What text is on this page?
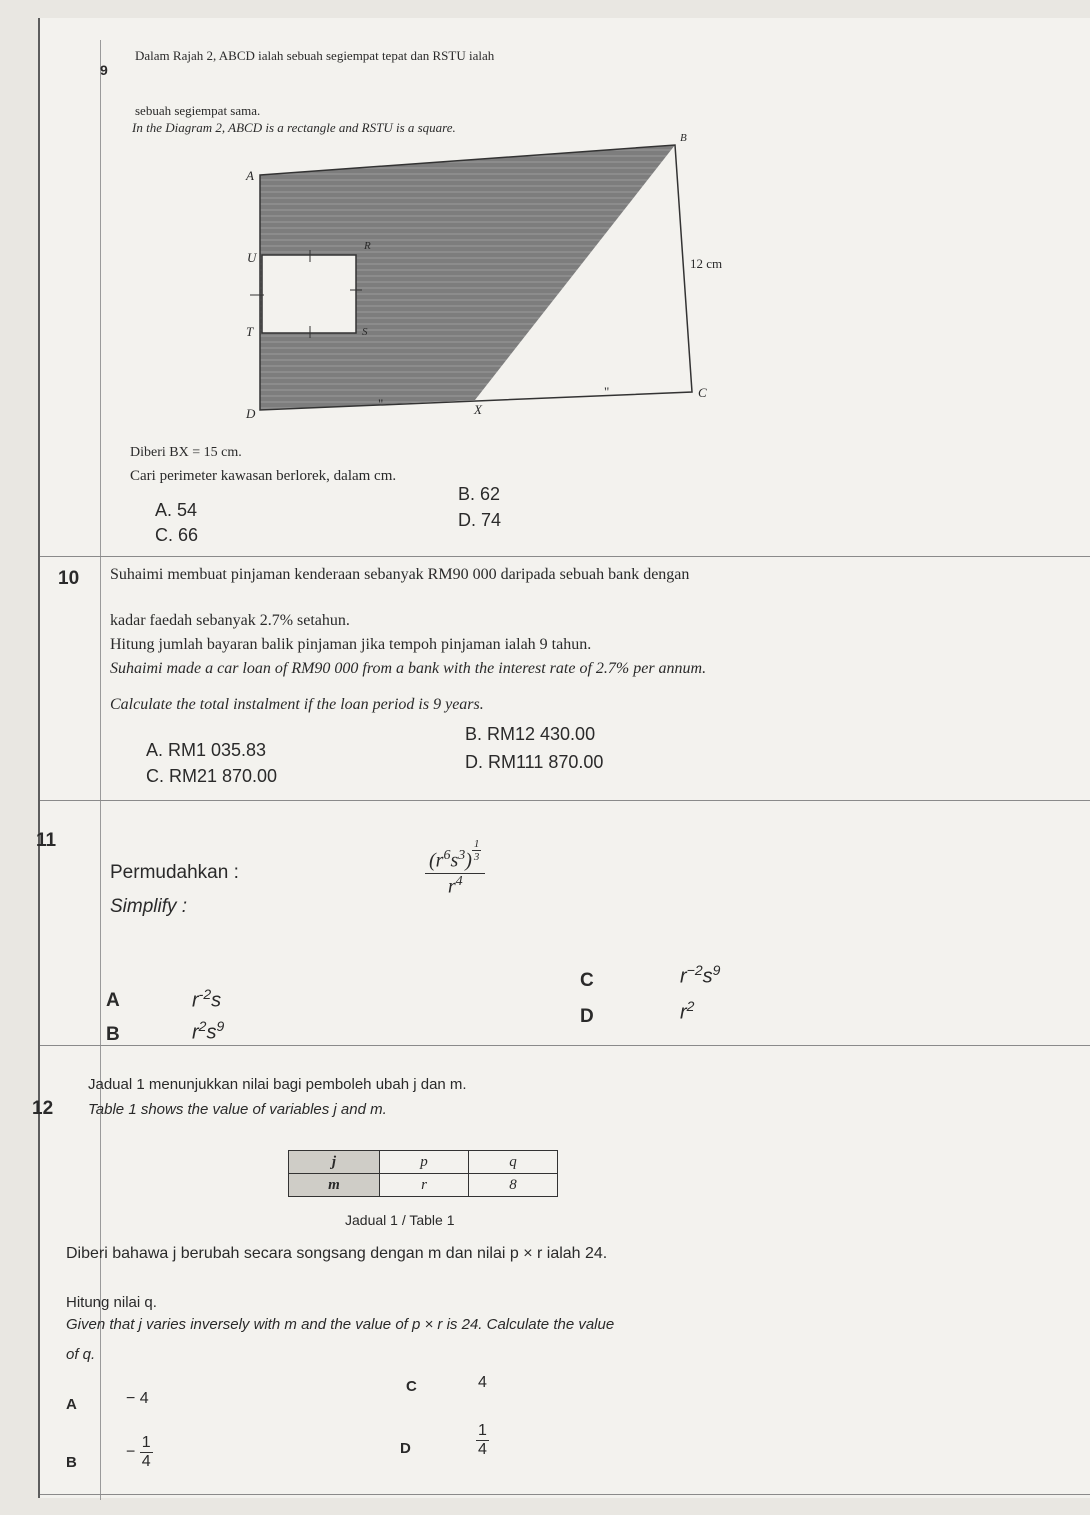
9
Dalam Rajah 2, ABCD ialah sebuah segiempat tepat dan RSTU ialah
sebuah segiempat sama.
In the Diagram 2, ABCD is a rectangle and RSTU is a square.
A
B
C
D
U
R
T	S
X
12 cm
"
"
Diberi BX = 15 cm.
Cari perimeter kawasan berlorek, dalam cm.
A. 54
B. 62
C. 66
D. 74
10 Suhaimi membuat pinjaman kenderaan sebanyak RM90 000 daripada sebuah bank dengan
kadar faedah sebanyak 2.7% setahun.
Hitung jumlah bayaran balik pinjaman jika tempoh pinjaman ialah 9 tahun.
Suhaimi made a car loan of RM90 000 from a bank with the interest rate of 2.7% per annum.
Calculate the total instalment if the loan period is 9 years.
A. RM1 035.83
B. RM12 430.00
C. RM21 870.00
D. RM111 870.00
11
Permudahkan :
Simplify :
$(r^6s^3) \frac{1}{3}$
$r^4$
A	$r^{-2}s$
B	$r^2s^9$
C	$r^{-2}s^9$
D	$r^2$
12
Jadual 1 menunjukkan nilai bagi pemboleh ubah j dan m.
Table 1 shows the value of variables j and m.
j	p	q
m	r	8
Jadual 1 / Table 1
Diberi bahawa j berubah secara songsang dengan m dan nilai p × r ialah 24.
Hitung nilai q.
Given that j varies inversely with m and the value of p × r is 24. Calculate the value
of q.
A	− 4
C	4
B
− $\frac{1}{4}$	D	$\frac{1}{4}$
